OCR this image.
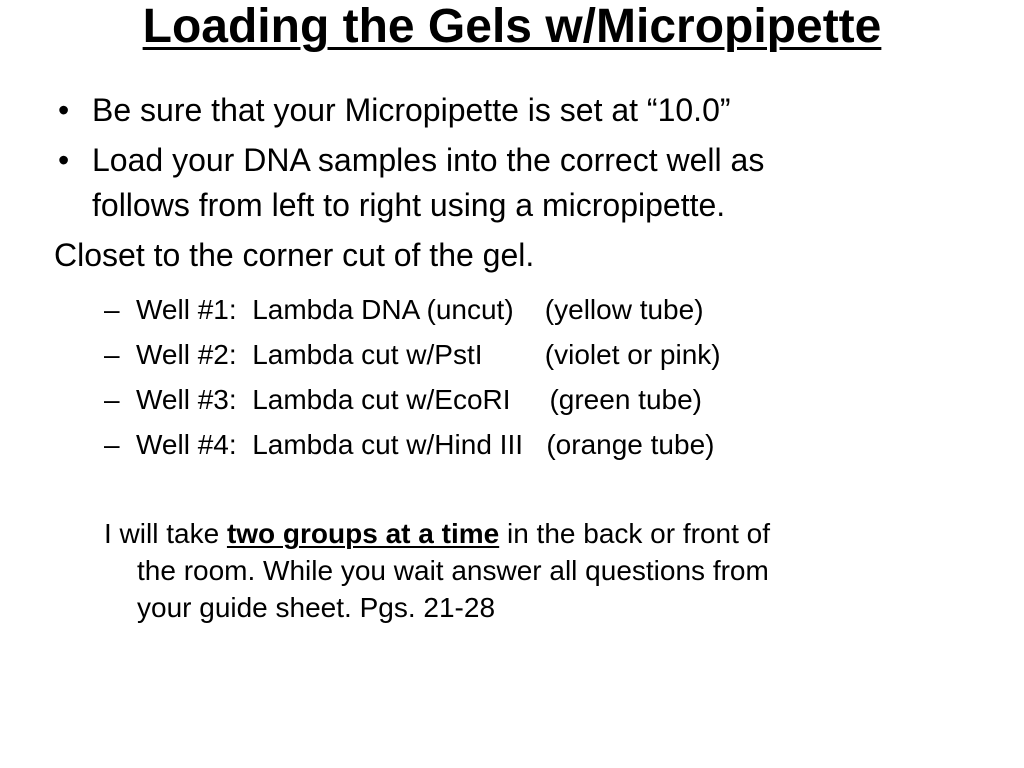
Loading the Gels w/Micropipette
• Be sure that your Micropipette is set at “10.0”
• Load your DNA samples into the correct well as
follows from left to right using a micropipette.
Closet to the corner cut of the gel.
– Well #1: Lambda DNA (uncut) (yellow tube)
– Well #2: Lambda cut w/PstI (violet or pink)
– Well #3: Lambda cut w/EcoRI (green tube)
– Well #4: Lambda cut w/Hind III (orange tube)
I will take two groups at a time in the back or front of
the room. While you wait answer all questions from
your guide sheet. Pgs. 21-28
